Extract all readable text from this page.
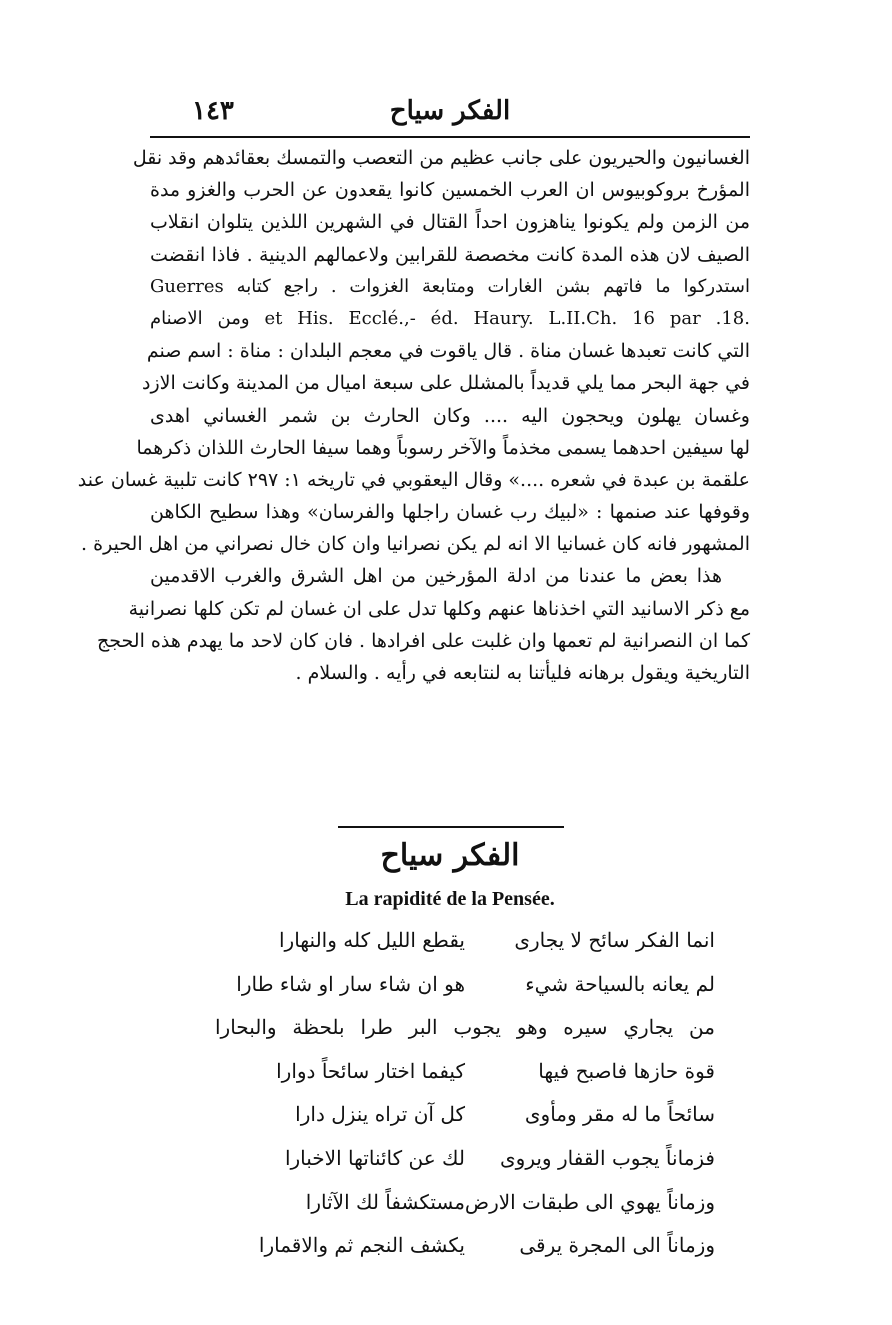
الفكر سياح
١٤٣
الغسانيون والحيريون على جانب عظيم من التعصب والتمسك بعقائدهم وقد نقل
المؤرخ بروكوبيوس ان العرب الخمسين كانوا يقعدون عن الحرب والغزو مدة
من الزمن ولم يكونوا يناهزون احداً القتال في الشهرين اللذين يتلوان انقلاب
الصيف لان هذه المدة كانت مخصصة للقرابين ولاعمالهم الدينية . فاذا انقضت
استدركوا ما فاتهم بشن الغارات ومتابعة الغزوات . راجع كتابه Guerres
.et His. Ecclé.,- éd. Haury. L.II.Ch. 16 par .18 ومن الاصنام
التي كانت تعبدها غسان مناة . قال ياقوت في معجم البلدان : مناة : اسم صنم
في جهة البحر مما يلي قديداً بالمشلل على سبعة اميال من المدينة وكانت الازد
وغسان يهلون ويحجون اليه .... وكان الحارث بن شمر الغساني اهدى
لها سيفين احدهما يسمى مخذماً والآخر رسوباً وهما سيفا الحارث اللذان ذكرهما
علقمة بن عبدة في شعره ....» وقال اليعقوبي في تاريخه ١: ٢٩٧ كانت تلبية غسان عند
وقوفها عند صنمها : «لبيك رب غسان راجلها والفرسان» وهذا سطيح الكاهن
المشهور فانه كان غسانيا الا انه لم يكن نصرانيا وان كان خال نصراني من اهل الحيرة .
هذا بعض ما عندنا من ادلة المؤرخين من اهل الشرق والغرب الاقدمين
مع ذكر الاسانيد التي اخذناها عنهم وكلها تدل على ان غسان لم تكن كلها نصرانية
كما ان النصرانية لم تعمها وان غلبت على افرادها . فان كان لاحد ما يهدم هذه الحجج
التاريخية ويقول برهانه فليأتنا به لنتابعه في رأيه . والسلام .
الفكر سياح
La rapidité de la Pensée.
انما الفكر سائح لا يجارى
يقطع الليل كله والنهارا
لم يعانه بالسياحة شيء
هو ان شاء سار او شاء طارا
من يجاري سيره وهو يجوب البر طرا بلحظة والبحارا
قوة حازها فاصبح فيها
كيفما اختار سائحاً دوارا
سائحاً ما له مقر ومأوى
كل آن تراه ينزل دارا
فزماناً يجوب القفار ويروى
لك عن كائناتها الاخبارا
وزماناً يهوي الى طبقات الارض
مستكشفاً لك الآثارا
وزماناً الى المجرة يرقى
يكشف النجم ثم والاقمارا
